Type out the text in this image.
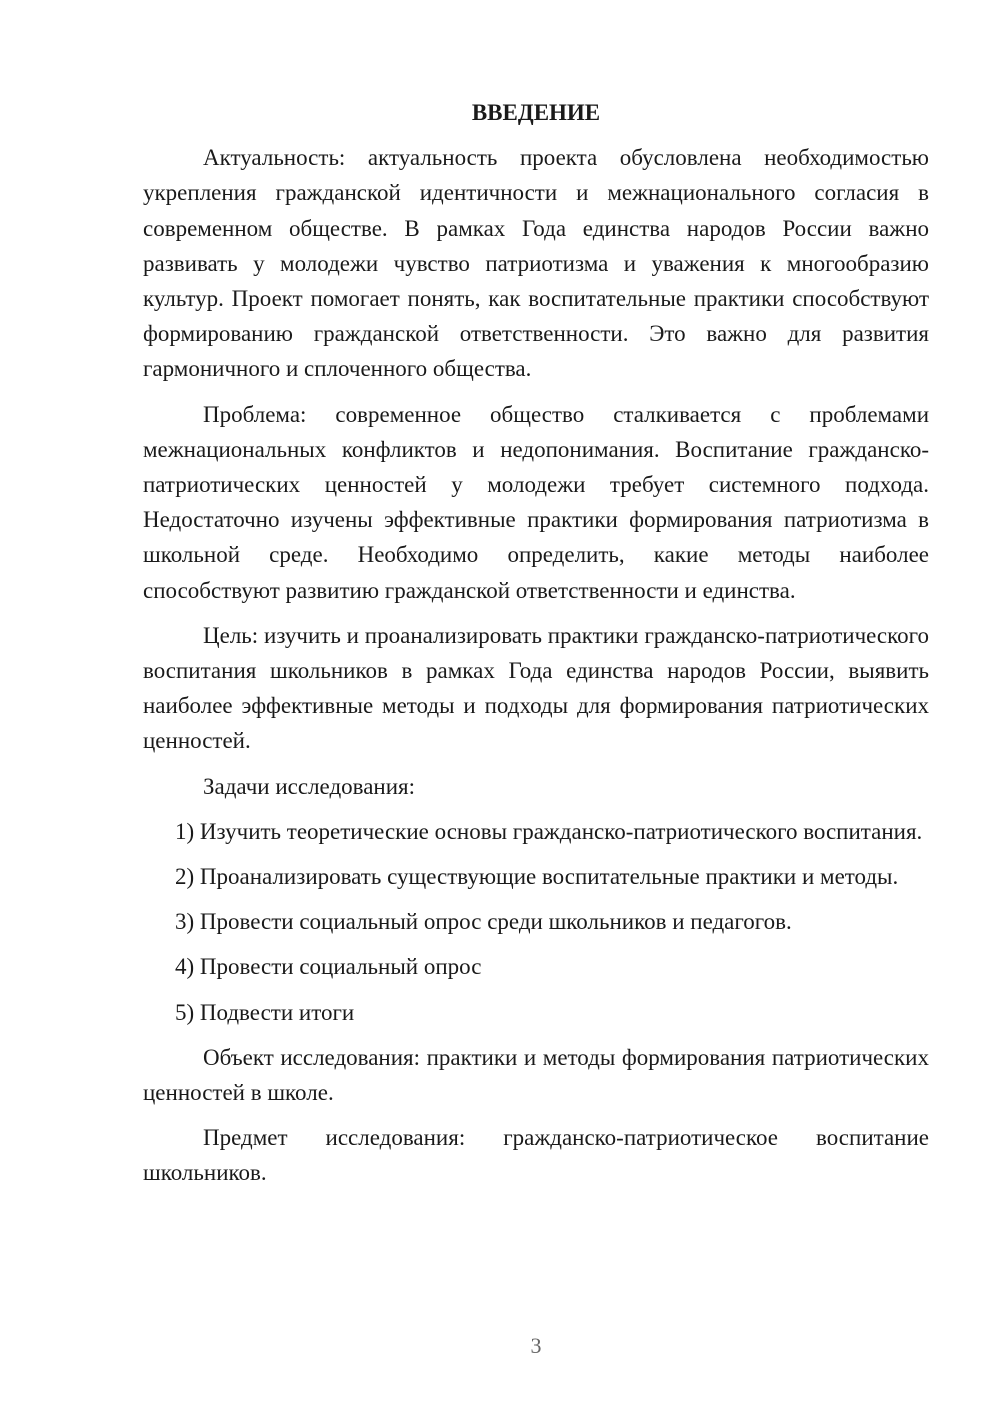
ВВЕДЕНИЕ
Актуальность: актуальность проекта обусловлена необходимостью укрепления гражданской идентичности и межнационального согласия в современном обществе. В рамках Года единства народов России важно развивать у молодежи чувство патриотизма и уважения к многообразию культур. Проект помогает понять, как воспитательные практики способствуют формированию гражданской ответственности. Это важно для развития гармоничного и сплоченного общества.
Проблема: современное общество сталкивается с проблемами межнациональных конфликтов и недопонимания. Воспитание гражданско-патриотических ценностей у молодежи требует системного подхода. Недостаточно изучены эффективные практики формирования патриотизма в школьной среде. Необходимо определить, какие методы наиболее способствуют развитию гражданской ответственности и единства.
Цель: изучить и проанализировать практики гражданско-патриотического воспитания школьников в рамках Года единства народов России, выявить наиболее эффективные методы и подходы для формирования патриотических ценностей.
Задачи исследования:
1) Изучить теоретические основы гражданско-патриотического воспитания.
2) Проанализировать существующие воспитательные практики и методы.
3) Провести социальный опрос среди школьников и педагогов.
4) Провести социальный опрос
5) Подвести итоги
Объект исследования: практики и методы формирования патриотических ценностей в школе.
Предмет исследования: гражданско-патриотическое воспитание школьников.
3
